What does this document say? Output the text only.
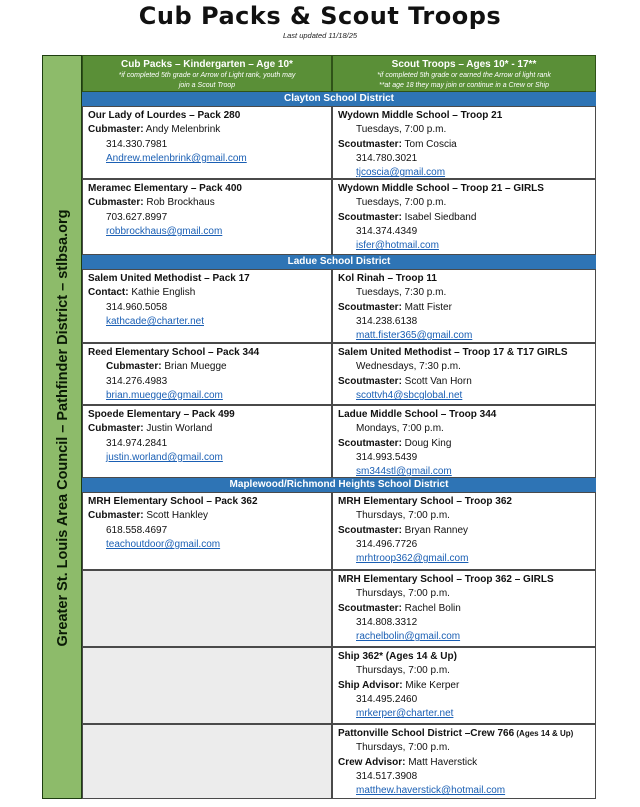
Cub Packs & Scout Troops
Last updated 11/18/25
Greater St. Louis Area Council – Pathfinder District – stlbsa.org
Cub Packs – Kindergarten – Age 10*
*if completed 5th grade or Arrow of Light rank, youth may
join a Scout Troop
Scout Troops – Ages 10* - 17**
*if completed 5th grade or earned the Arrow of light rank
**at age 18 they may join or continue in a Crew or Ship
Clayton School District
Our Lady of Lourdes – Pack 280
Cubmaster: Andy Melenbrink
314.330.7981
Andrew.melenbrink@gmail.com
Wydown Middle School – Troop 21
Tuesdays, 7:00 p.m.
Scoutmaster: Tom Coscia
314.780.3021
tjcoscia@gmail.com
Meramec Elementary – Pack 400
Cubmaster: Rob Brockhaus
703.627.8997
robbrockhaus@gmail.com
Wydown Middle School – Troop 21 – GIRLS
Tuesdays, 7:00 p.m.
Scoutmaster: Isabel Siedband
314.374.4349
isfer@hotmail.com
Ladue School District
Salem United Methodist – Pack 17
Contact: Kathie English
314.960.5058
kathcade@charter.net
Kol Rinah – Troop 11
Tuesdays, 7:30 p.m.
Scoutmaster: Matt Fister
314.238.6138
matt.fister365@gmail.com
Reed Elementary School – Pack 344
Cubmaster: Brian Muegge
314.276.4983
brian.muegge@gmail.com
Salem United Methodist – Troop 17 & T17 GIRLS
Wednesdays, 7:30 p.m.
Scoutmaster: Scott Van Horn
scottvh4@sbcglobal.net
Spoede Elementary – Pack 499
Cubmaster: Justin Worland
314.974.2841
justin.worland@gmail.com
Ladue Middle School – Troop 344
Mondays, 7:00 p.m.
Scoutmaster: Doug King
314.993.5439
sm344stl@gmail.com
Maplewood/Richmond Heights School District
MRH Elementary School – Pack 362
Cubmaster: Scott Hankley
618.558.4697
teachoutdoor@gmail.com
MRH Elementary School – Troop 362
Thursdays, 7:00 p.m.
Scoutmaster: Bryan Ranney
314.496.7726
mrhtroop362@gmail.com
MRH Elementary School – Troop 362 – GIRLS
Thursdays, 7:00 p.m.
Scoutmaster: Rachel Bolin
314.808.3312
rachelbolin@gmail.com
Ship 362* (Ages 14 & Up)
Thursdays, 7:00 p.m.
Ship Advisor: Mike Kerper
314.495.2460
mrkerper@charter.net
Pattonville School District –Crew 766 (Ages 14 & Up)
Thursdays, 7:00 p.m.
Crew Advisor: Matt Haverstick
314.517.3908
matthew.haverstick@hotmail.com
